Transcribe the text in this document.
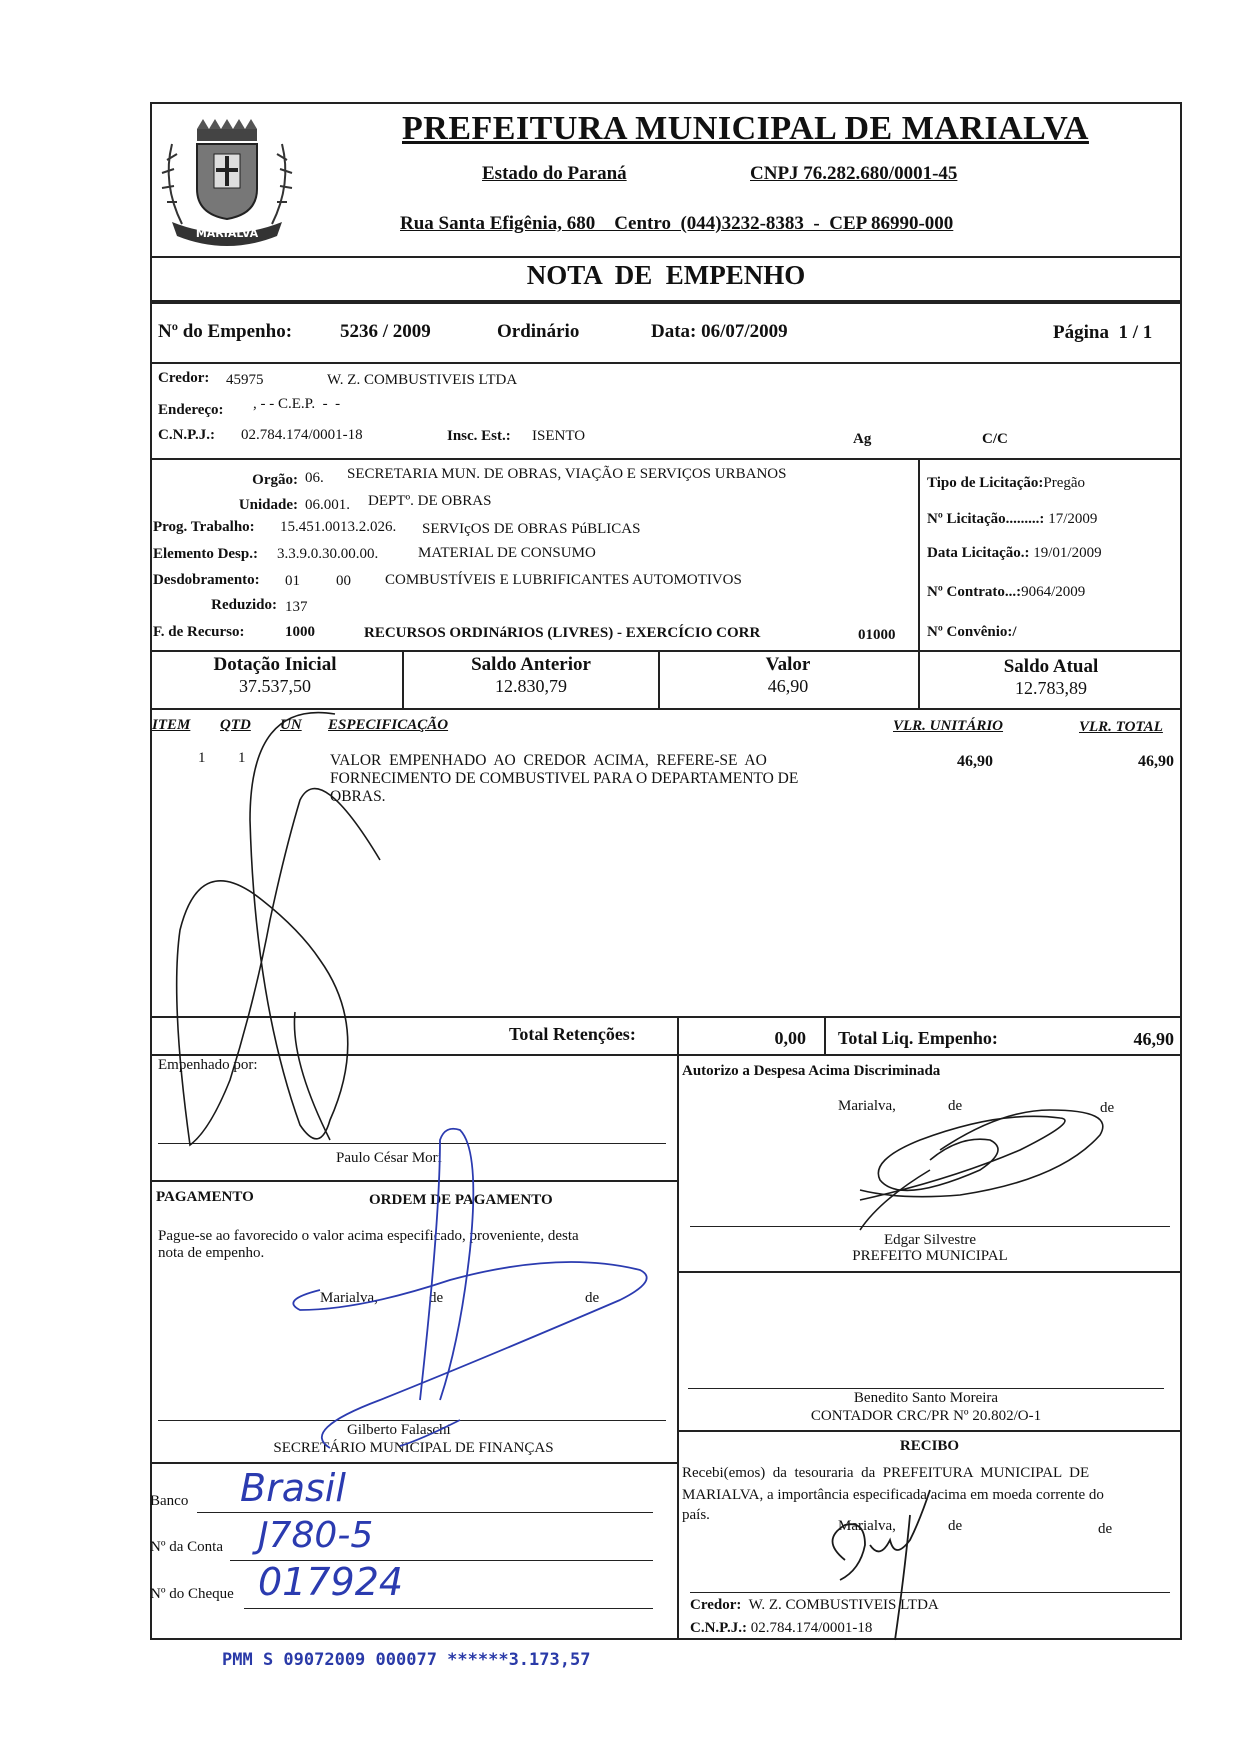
MARIALVA
PREFEITURA MUNICIPAL DE MARIALVA
Estado do Paraná	CNPJ 76.282.680/0001-45
Rua Santa Efigênia, 680    Centro  (044)3232-8383  -  CEP 86990-000
NOTA  DE  EMPENHO
Nº do Empenho:	5236 / 2009	Ordinário	Data: 06/07/2009	Página  1 / 1
Credor: 45975	W. Z. COMBUSTIVEIS LTDA
Endereço: , - - C.E.P.  -  -
C.N.P.J.: 02.784.174/0001-18	Insc. Est.: ISENTO	Ag	C/C
Orgão: 06. SECRETARIA MUN. DE OBRAS, VIAÇÃO E SERVIÇOS URBANOS
Unidade: 06.001. DEPTº. DE OBRAS
Prog. Trabalho: 15.451.0013.2.026. SERVIçOS DE OBRAS PúBLICAS
Elemento Desp.: 3.3.9.0.30.00.00.	MATERIAL DE CONSUMO
Desdobramento: 01 00 COMBUSTÍVEIS E LUBRIFICANTES AUTOMOTIVOS
Reduzido: 137
F. de Recurso:	1000	RECURSOS ORDINáRIOS (LIVRES) - EXERCÍCIO CORR	01000
Tipo de Licitação:Pregão
Nº Licitação.........: 17/2009
Data Licitação.: 19/01/2009
Nº Contrato...:9064/2009
Nº Convênio:/
Dotação Inicial
37.537,50
Saldo Anterior
12.830,79
Valor
46,90
Saldo Atual
12.783,89
ITEM QTD UN ESPECIFICAÇÃO	VLR. UNITÁRIO	VLR. TOTAL
1 1	VALOR  EMPENHADO  AO  CREDOR  ACIMA,  REFERE-SE  AO
FORNECIMENTO DE COMBUSTIVEL PARA O DEPARTAMENTO DE
OBRAS.
46,90	46,90
Total Retenções:	0,00 Total Liq. Empenho:	46,90
Empenhado por:
Paulo César Mori
Autorizo a Despesa Acima Discriminada
Marialva,	de	de
Edgar Silvestre
PREFEITO MUNICIPAL
PAGAMENTO	ORDEM DE PAGAMENTO
Pague-se ao favorecido o valor acima especificado, proveniente, desta
nota de empenho.
Marialva,	de	de
Gilberto Falaschi
SECRETÁRIO MUNICIPAL DE FINANÇAS
Benedito Santo Moreira
CONTADOR CRC/PR Nº 20.802/O-1
Banco Brasil
Nº da Conta J780-5
Nº do Cheque 017924
RECIBO
Recebi(emos)  da  tesouraria  da  PREFEITURA  MUNICIPAL  DE
MARIALVA, a importância especificada acima em moeda corrente do
país.
Marialva,	de	de
Credor: W. Z. COMBUSTIVEIS LTDA
C.N.P.J.: 02.784.174/0001-18
PMM S 09072009 000077 ******3.173,57
